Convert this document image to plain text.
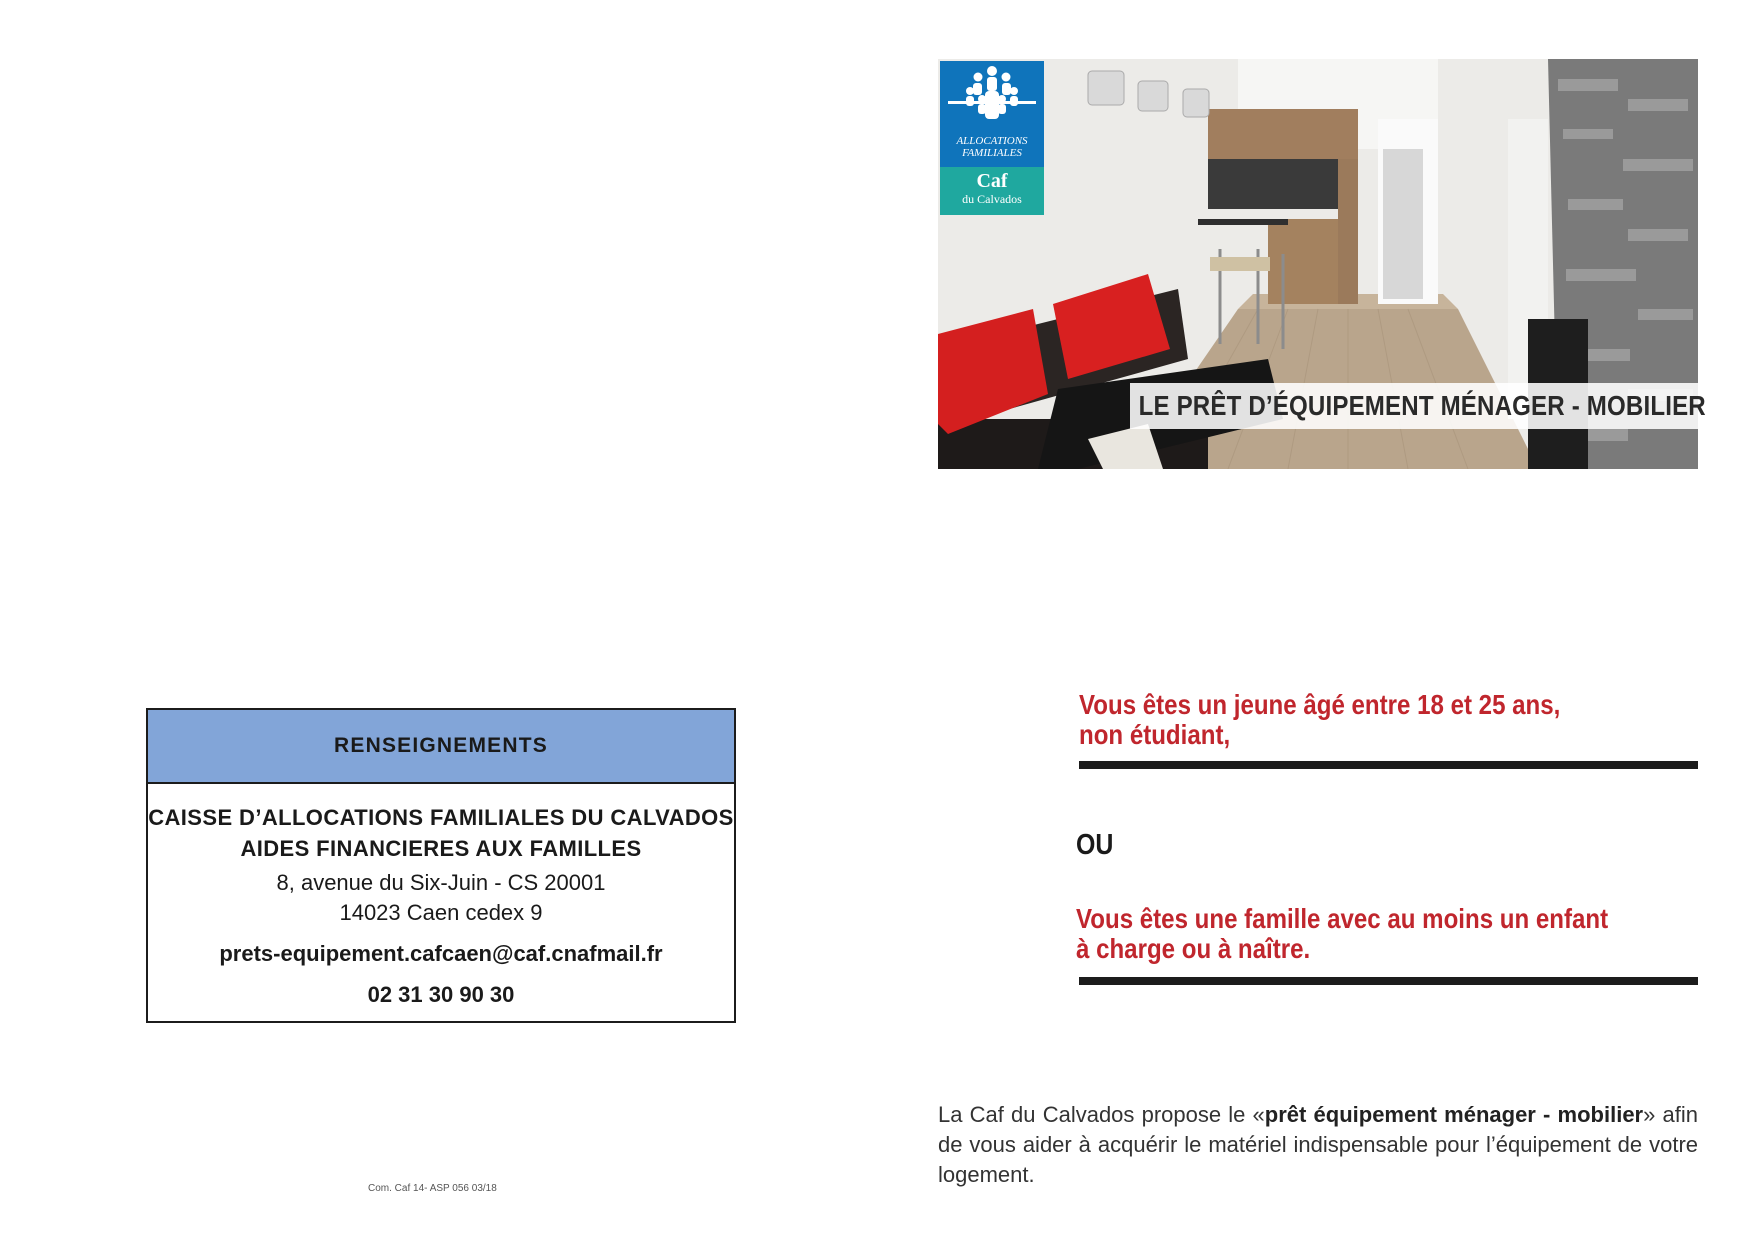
RENSEIGNEMENTS
CAISSE D’ALLOCATIONS FAMILIALES DU CALVADOS
AIDES FINANCIERES AUX FAMILLES
8, avenue du Six-Juin - CS 20001
14023 Caen cedex 9
prets-equipement.cafcaen@caf.cnafmail.fr
02 31 30 90 30
Com. Caf 14- ASP 056 03/18
ALLOCATIONS
FAMILIALES
Caf
du Calvados
LE PRÊT D’ÉQUIPEMENT MÉNAGER - MOBILIER
Vous êtes un jeune âgé entre 18 et 25 ans,
non étudiant,
OU
Vous êtes une famille avec au moins un enfant
à charge ou à naître.
La Caf du Calvados propose le «prêt équipement ménager - mobilier» afin de vous aider à acquérir le matériel indispensable pour l’équipement de votre logement.
